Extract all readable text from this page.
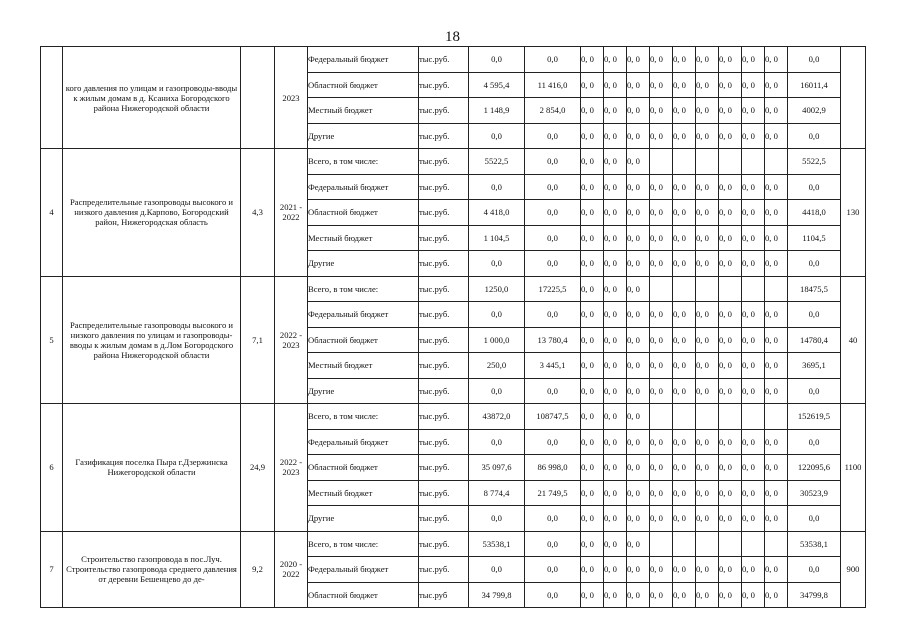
18
	кого давления по улицам и газопроводы-вводы к жилым домам в д. Ксаниха Богородского района Нижегородской области		2023	Федеральный бюджет	тыс.руб.	0,0	0,0	0, 0	0, 0	0, 0	0, 0	0, 0	0, 0	0, 0	0, 0	0, 0	0,0	
				Областной бюджет	тыс.руб.	4 595,4	11 416,0	0, 0	0, 0	0, 0	0, 0	0, 0	0, 0	0, 0	0, 0	0, 0	16011,4	
				Местный бюджет	тыс.руб.	1 148,9	2 854,0	0, 0	0, 0	0, 0	0, 0	0, 0	0, 0	0, 0	0, 0	0, 0	4002,9	
				Другие	тыс.руб.	0,0	0,0	0, 0	0, 0	0, 0	0, 0	0, 0	0, 0	0, 0	0, 0	0, 0	0,0	
4	Распределительные газопроводы высокого и низкого давления д.Карпово, Богородский район, Нижегородская область	4,3	2021 - 2022	Всего, в том числе:	тыс.руб.	5522,5	0,0	0, 0	0, 0	0, 0							5522,5	130
				Федеральный бюджет	тыс.руб.	0,0	0,0	0, 0	0, 0	0, 0	0, 0	0, 0	0, 0	0, 0	0, 0	0, 0	0,0	
				Областной бюджет	тыс.руб.	4 418,0	0,0	0, 0	0, 0	0, 0	0, 0	0, 0	0, 0	0, 0	0, 0	0, 0	4418,0	
				Местный бюджет	тыс.руб.	1 104,5	0,0	0, 0	0, 0	0, 0	0, 0	0, 0	0, 0	0, 0	0, 0	0, 0	1104,5	
				Другие	тыс.руб.	0,0	0,0	0, 0	0, 0	0, 0	0, 0	0, 0	0, 0	0, 0	0, 0	0, 0	0,0	
5	Распределительные газопроводы высокого и низкого давления по улицам и газопроводы-вводы к жилым домам в д.Лом Богородского района Нижегородской области	7,1	2022 - 2023	Всего, в том числе:	тыс.руб.	1250,0	17225,5	0, 0	0, 0	0, 0							18475,5	40
				Федеральный бюджет	тыс.руб.	0,0	0,0	0, 0	0, 0	0, 0	0, 0	0, 0	0, 0	0, 0	0, 0	0, 0	0,0	
				Областной бюджет	тыс.руб.	1 000,0	13 780,4	0, 0	0, 0	0, 0	0, 0	0, 0	0, 0	0, 0	0, 0	0, 0	14780,4	
				Местный бюджет	тыс.руб.	250,0	3 445,1	0, 0	0, 0	0, 0	0, 0	0, 0	0, 0	0, 0	0, 0	0, 0	3695,1	
				Другие	тыс.руб.	0,0	0,0	0, 0	0, 0	0, 0	0, 0	0, 0	0, 0	0, 0	0, 0	0, 0	0,0	
6	Газификация поселка Пыра г.Дзержинска Нижегородской области	24,9	2022 - 2023	Всего, в том числе:	тыс.руб.	43872,0	108747,5	0, 0	0, 0	0, 0							152619,5	1100
				Федеральный бюджет	тыс.руб.	0,0	0,0	0, 0	0, 0	0, 0	0, 0	0, 0	0, 0	0, 0	0, 0	0, 0	0,0	
				Областной бюджет	тыс.руб.	35 097,6	86 998,0	0, 0	0, 0	0, 0	0, 0	0, 0	0, 0	0, 0	0, 0	0, 0	122095,6	
				Местный бюджет	тыс.руб.	8 774,4	21 749,5	0, 0	0, 0	0, 0	0, 0	0, 0	0, 0	0, 0	0, 0	0, 0	30523,9	
				Другие	тыс.руб.	0,0	0,0	0, 0	0, 0	0, 0	0, 0	0, 0	0, 0	0, 0	0, 0	0, 0	0,0	
7	Строительство газопровода в пос.Луч. Строительство газопровода среднего давления от деревни Бешенцево до де-	9,2	2020 - 2022	Всего, в том числе:	тыс.руб.	53538,1	0,0	0, 0	0, 0	0, 0							53538,1	900
				Федеральный бюджет	тыс.руб.	0,0	0,0	0, 0	0, 0	0, 0	0, 0	0, 0	0, 0	0, 0	0, 0	0, 0	0,0	
				Областной бюджет	тыс.руб	34 799,8	0,0	0, 0	0, 0	0, 0	0, 0	0, 0	0, 0	0, 0	0, 0	0, 0	34799,8	
